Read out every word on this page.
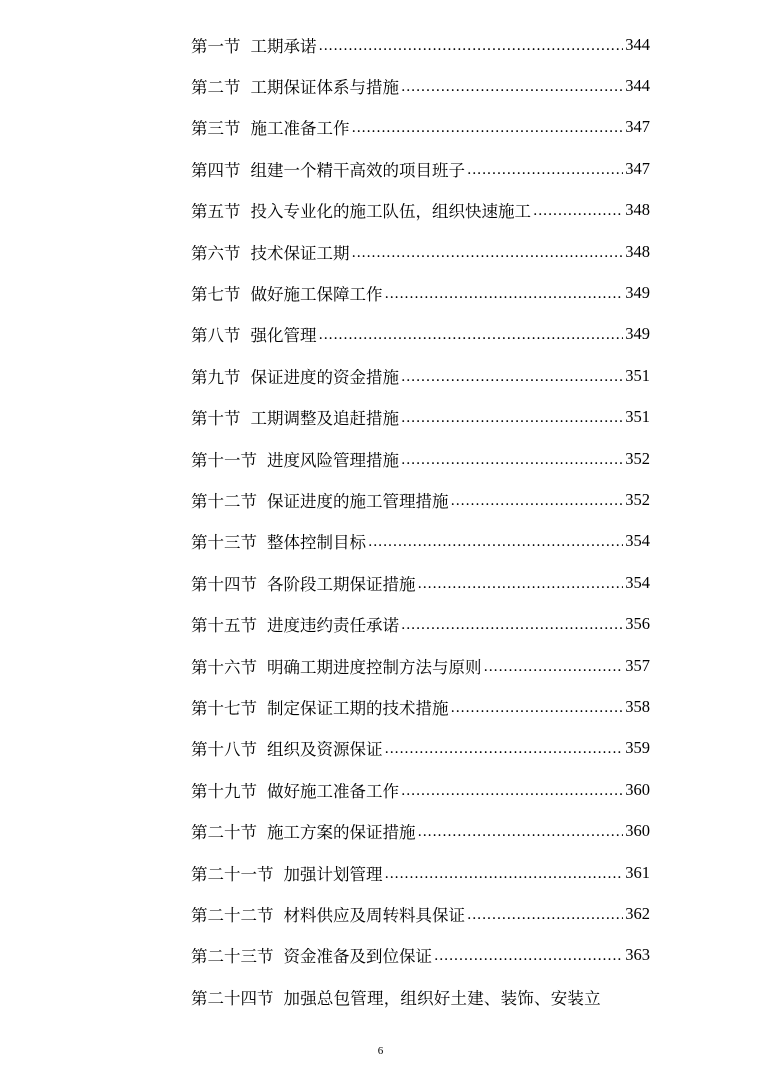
第一节 工期承诺 .....	344
第二节 工期保证体系与措施 .....	344
第三节 施工准备工作 .....	347
第四节 组建一个精干高效的项目班子 .....	347
第五节 投入专业化的施工队伍，组织快速施工 .....	348
第六节 技术保证工期 .....	348
第七节 做好施工保障工作 .....	349
第八节 强化管理 .....	349
第九节 保证进度的资金措施 .....	351
第十节 工期调整及追赶措施 .....	351
第十一节 进度风险管理措施 .....	352
第十二节 保证进度的施工管理措施 .....	352
第十三节 整体控制目标 .....	354
第十四节 各阶段工期保证措施 .....	354
第十五节 进度违约责任承诺 .....	356
第十六节 明确工期进度控制方法与原则 .....	357
第十七节 制定保证工期的技术措施 .....	358
第十八节 组织及资源保证 .....	359
第十九节 做好施工准备工作 .....	360
第二十节 施工方案的保证措施 .....	360
第二十一节 加强计划管理 .....	361
第二十二节 材料供应及周转料具保证 .....	362
第二十三节 资金准备及到位保证 .....	363
第二十四节 加强总包管理，组织好土建、装饰、安装立
6
